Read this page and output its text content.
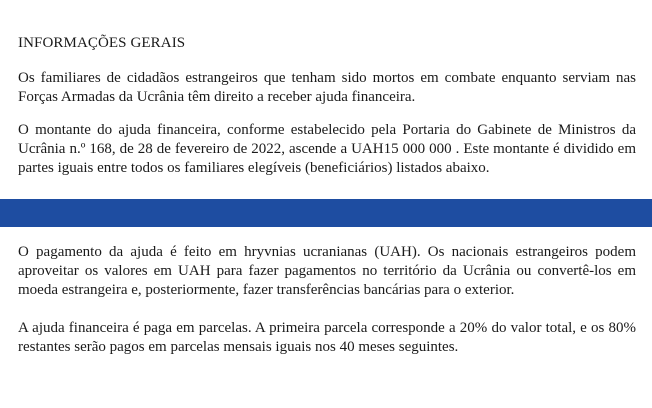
INFORMAÇÕES GERAIS

Os familiares de cidadãos estrangeiros que tenham sido mortos em combate enquanto serviam nas Forças Armadas da Ucrânia têm direito a receber ajuda financeira.

O montante do ajuda financeira, conforme estabelecido pela Portaria do Gabinete de Ministros da Ucrânia n.º 168, de 28 de fevereiro de 2022, ascende a UAH15 000 000 . Este montante é dividido em partes iguais entre todos os familiares elegíveis (beneficiários) listados abaixo.

O pagamento da ajuda é feito em hryvnias ucranianas (UAH). Os nacionais estrangeiros podem aproveitar os valores em UAH para fazer pagamentos no território da Ucrânia ou convertê-los em moeda estrangeira e, posteriormente, fazer transferências bancárias para o exterior.

A ajuda financeira é paga em parcelas. A primeira parcela corresponde a 20% do valor total, e os 80% restantes serão pagos em parcelas mensais iguais nos 40 meses seguintes.
